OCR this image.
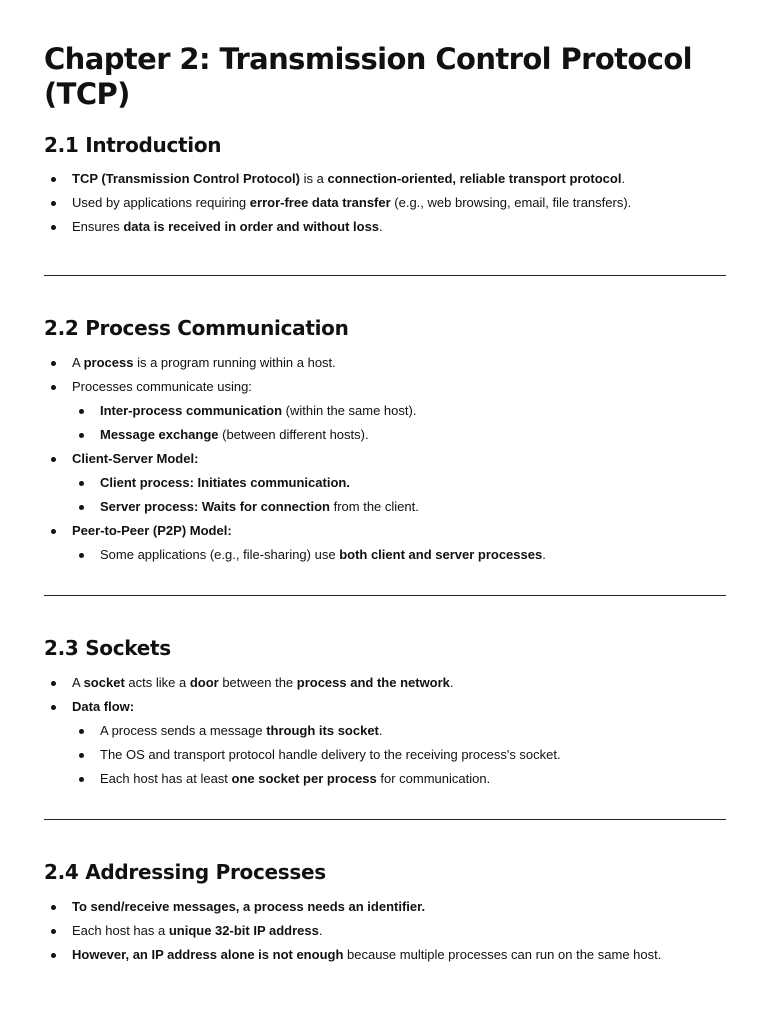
Chapter 2: Transmission Control Protocol (TCP)
2.1 Introduction
TCP (Transmission Control Protocol) is a connection-oriented, reliable transport protocol.
Used by applications requiring error-free data transfer (e.g., web browsing, email, file transfers).
Ensures data is received in order and without loss.
2.2 Process Communication
A process is a program running within a host.
Processes communicate using:
Inter-process communication (within the same host).
Message exchange (between different hosts).
Client-Server Model:
Client process: Initiates communication.
Server process: Waits for connection from the client.
Peer-to-Peer (P2P) Model:
Some applications (e.g., file-sharing) use both client and server processes.
2.3 Sockets
A socket acts like a door between the process and the network.
Data flow:
A process sends a message through its socket.
The OS and transport protocol handle delivery to the receiving process's socket.
Each host has at least one socket per process for communication.
2.4 Addressing Processes
To send/receive messages, a process needs an identifier.
Each host has a unique 32-bit IP address.
However, an IP address alone is not enough because multiple processes can run on the same host.
